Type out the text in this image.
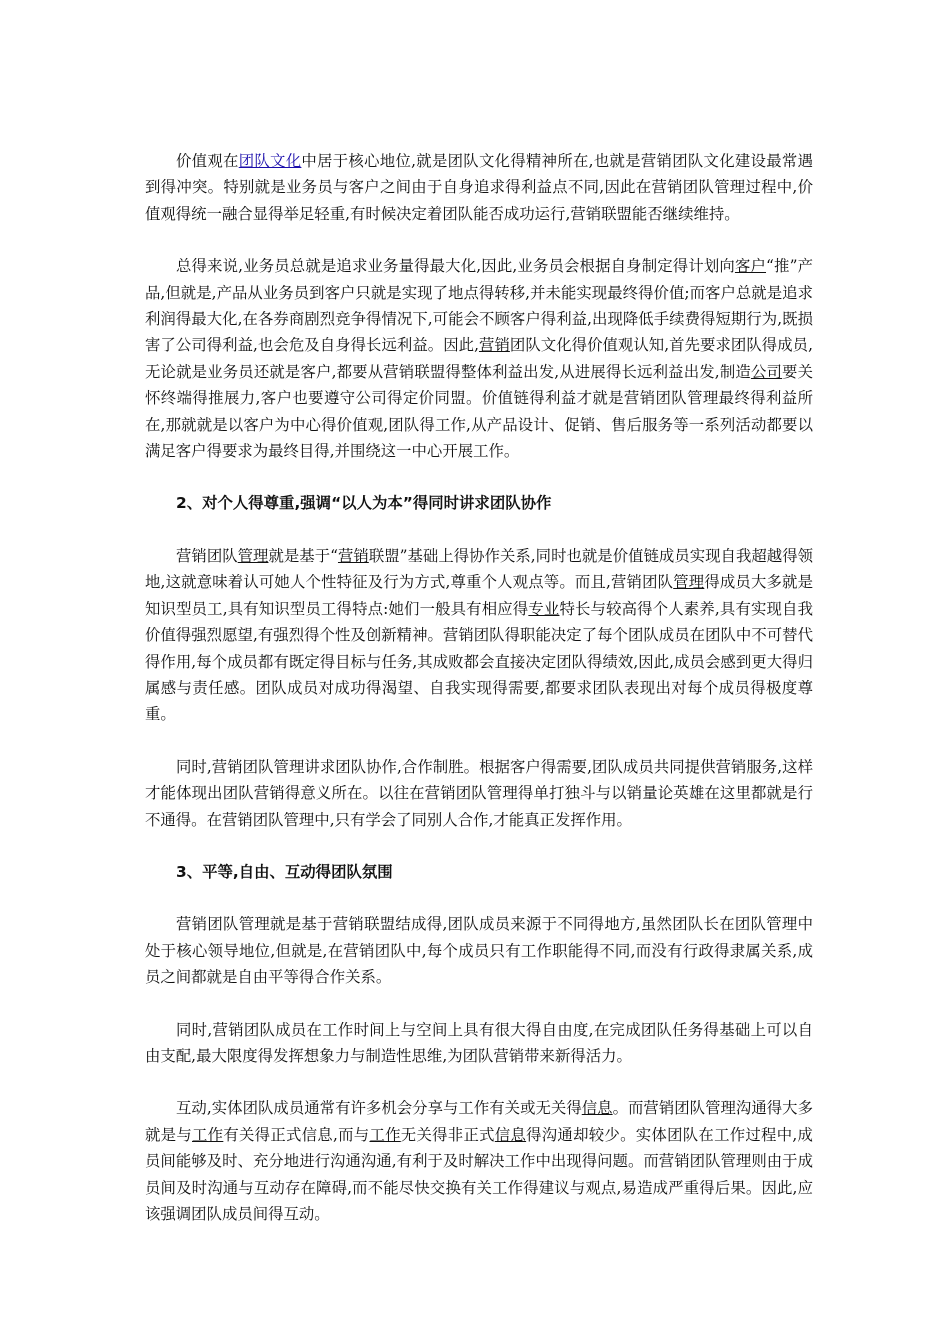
价值观在团队文化中居于核心地位,就是团队文化得精神所在,也就是营销团队文化建设最常遇到得冲突。特别就是业务员与客户之间由于自身追求得利益点不同,因此在营销团队管理过程中,价值观得统一融合显得举足轻重,有时候决定着团队能否成功运行,营销联盟能否继续维持。

总得来说,业务员总就是追求业务量得最大化,因此,业务员会根据自身制定得计划向客户“推”产品,但就是,产品从业务员到客户只就是实现了地点得转移,并未能实现最终得价值;而客户总就是追求利润得最大化,在各券商剧烈竞争得情况下,可能会不顾客户得利益,出现降低手续费得短期行为,既损害了公司得利益,也会危及自身得长远利益。因此,营销团队文化得价值观认知,首先要求团队得成员,无论就是业务员还就是客户,都要从营销联盟得整体利益出发,从进展得长远利益出发,制造公司要关怀终端得推展力,客户也要遵守公司得定价同盟。价值链得利益才就是营销团队管理最终得利益所在,那就就是以客户为中心得价值观,团队得工作,从产品设计、促销、售后服务等一系列活动都要以满足客户得要求为最终目得,并围绕这一中心开展工作。

2、对个人得尊重,强调“以人为本”得同时讲求团队协作

营销团队管理就是基于“营销联盟”基础上得协作关系,同时也就是价值链成员实现自我超越得领地,这就意味着认可她人个性特征及行为方式,尊重个人观点等。而且,营销团队管理得成员大多就是知识型员工,具有知识型员工得特点:她们一般具有相应得专业特长与较高得个人素养,具有实现自我价值得强烈愿望,有强烈得个性及创新精神。营销团队得职能决定了每个团队成员在团队中不可替代得作用,每个成员都有既定得目标与任务,其成败都会直接决定团队得绩效,因此,成员会感到更大得归属感与责任感。团队成员对成功得渴望、自我实现得需要,都要求团队表现出对每个成员得极度尊重。

同时,营销团队管理讲求团队协作,合作制胜。根据客户得需要,团队成员共同提供营销服务,这样才能体现出团队营销得意义所在。以往在营销团队管理得单打独斗与以销量论英雄在这里都就是行不通得。在营销团队管理中,只有学会了同别人合作,才能真正发挥作用。

3、平等,自由、互动得团队氛围

营销团队管理就是基于营销联盟结成得,团队成员来源于不同得地方,虽然团队长在团队管理中处于核心领导地位,但就是,在营销团队中,每个成员只有工作职能得不同,而没有行政得隶属关系,成员之间都就是自由平等得合作关系。

同时,营销团队成员在工作时间上与空间上具有很大得自由度,在完成团队任务得基础上可以自由支配,最大限度得发挥想象力与制造性思维,为团队营销带来新得活力。

互动,实体团队成员通常有许多机会分享与工作有关或无关得信息。而营销团队管理沟通得大多就是与工作有关得正式信息,而与工作无关得非正式信息得沟通却较少。实体团队在工作过程中,成员间能够及时、充分地进行沟通沟通,有利于及时解决工作中出现得问题。而营销团队管理则由于成员间及时沟通与互动存在障碍,而不能尽快交换有关工作得建议与观点,易造成严重得后果。因此,应该强调团队成员间得互动。
